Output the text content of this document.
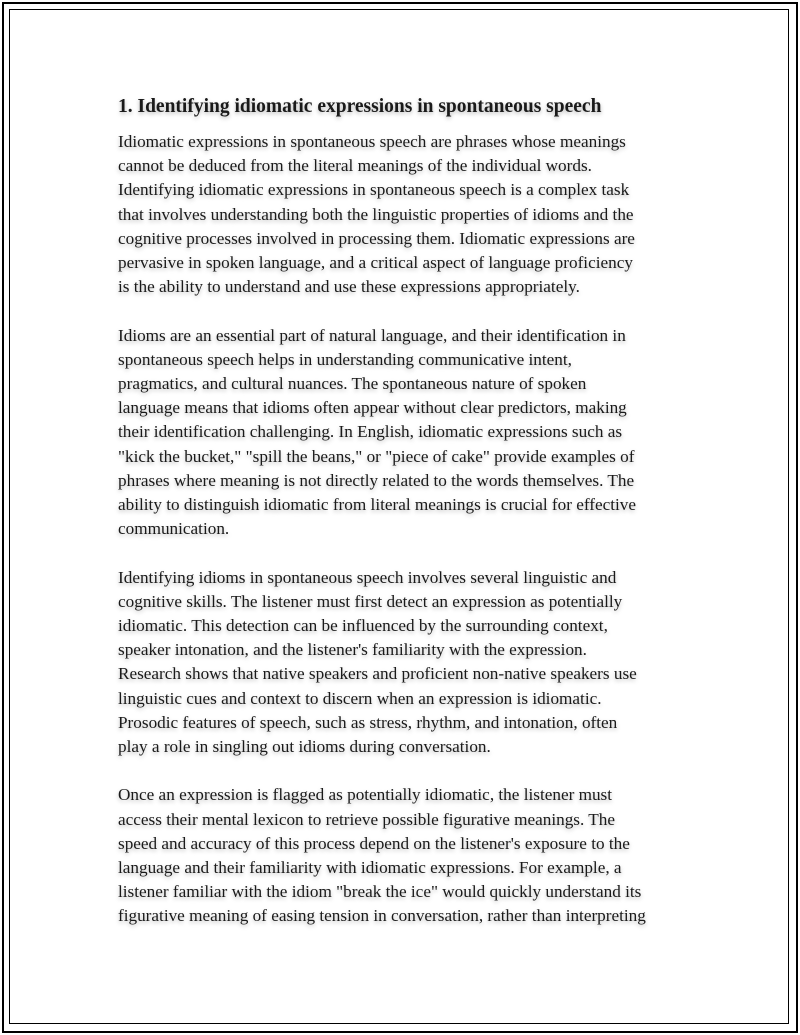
1. Identifying idiomatic expressions in spontaneous speech

Idiomatic expressions in spontaneous speech are phrases whose meanings
cannot be deduced from the literal meanings of the individual words.
Identifying idiomatic expressions in spontaneous speech is a complex task
that involves understanding both the linguistic properties of idioms and the
cognitive processes involved in processing them. Idiomatic expressions are
pervasive in spoken language, and a critical aspect of language proficiency
is the ability to understand and use these expressions appropriately.

Idioms are an essential part of natural language, and their identification in
spontaneous speech helps in understanding communicative intent,
pragmatics, and cultural nuances. The spontaneous nature of spoken
language means that idioms often appear without clear predictors, making
their identification challenging. In English, idiomatic expressions such as
"kick the bucket," "spill the beans," or "piece of cake" provide examples of
phrases where meaning is not directly related to the words themselves. The
ability to distinguish idiomatic from literal meanings is crucial for effective
communication.

Identifying idioms in spontaneous speech involves several linguistic and
cognitive skills. The listener must first detect an expression as potentially
idiomatic. This detection can be influenced by the surrounding context,
speaker intonation, and the listener's familiarity with the expression.
Research shows that native speakers and proficient non-native speakers use
linguistic cues and context to discern when an expression is idiomatic.
Prosodic features of speech, such as stress, rhythm, and intonation, often
play a role in singling out idioms during conversation.

Once an expression is flagged as potentially idiomatic, the listener must
access their mental lexicon to retrieve possible figurative meanings. The
speed and accuracy of this process depend on the listener's exposure to the
language and their familiarity with idiomatic expressions. For example, a
listener familiar with the idiom "break the ice" would quickly understand its
figurative meaning of easing tension in conversation, rather than interpreting
